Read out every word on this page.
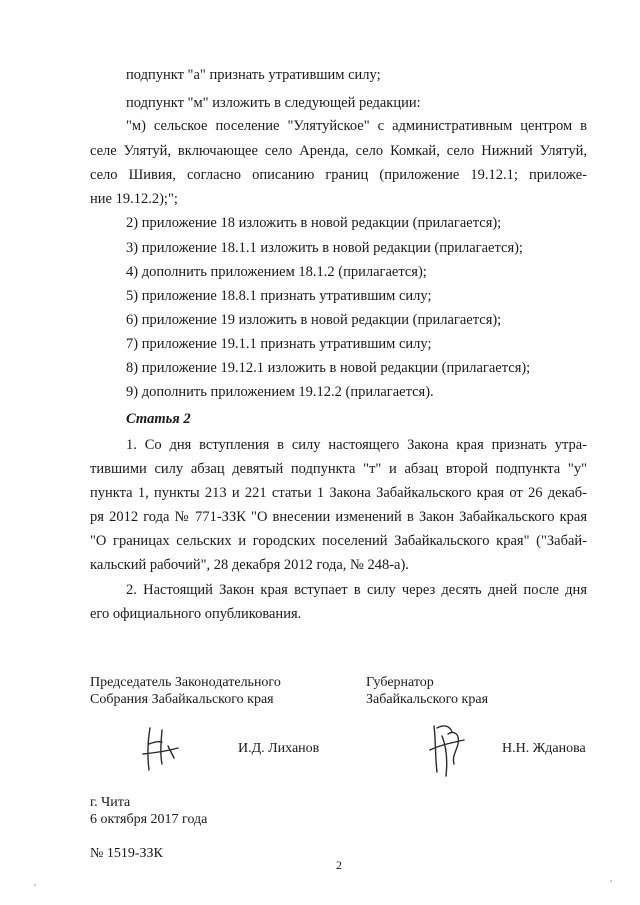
подпункт "а" признать утратившим силу;
подпункт "м" изложить в следующей редакции:
"м) сельское поселение "Улятуйское" с административным центром в
селе Улятуй, включающее село Аренда, село Комкай, село Нижний Улятуй,
село Шивия, согласно описанию границ (приложение 19.12.1; приложе-
ние 19.12.2);";
2) приложение 18 изложить в новой редакции (прилагается);
3) приложение 18.1.1 изложить в новой редакции (прилагается);
4) дополнить приложением 18.1.2 (прилагается);
5) приложение 18.8.1 признать утратившим силу;
6) приложение 19 изложить в новой редакции (прилагается);
7) приложение 19.1.1 признать утратившим силу;
8) приложение 19.12.1 изложить в новой редакции (прилагается);
9) дополнить приложением 19.12.2 (прилагается).
Статья 2
1. Со дня вступления в силу настоящего Закона края признать утра-
тившими силу абзац девятый подпункта "т" и абзац второй подпункта "у"
пункта 1, пункты 213 и 221 статьи 1 Закона Забайкальского края от 26 декаб-
ря 2012 года № 771-ЗЗК "О внесении изменений в Закон Забайкальского края
"О границах сельских и городских поселений Забайкальского края" ("Забай-
кальский рабочий", 28 декабря 2012 года, № 248-а).
2. Настоящий Закон края вступает в силу через десять дней после дня
его официального опубликования.
Председатель Законодательного
Собрания Забайкальского края
Губернатор
Забайкальского края
И.Д. Лиханов	Н.Н. Жданова
г. Чита
6 октября 2017 года
№ 1519-ЗЗК
2
